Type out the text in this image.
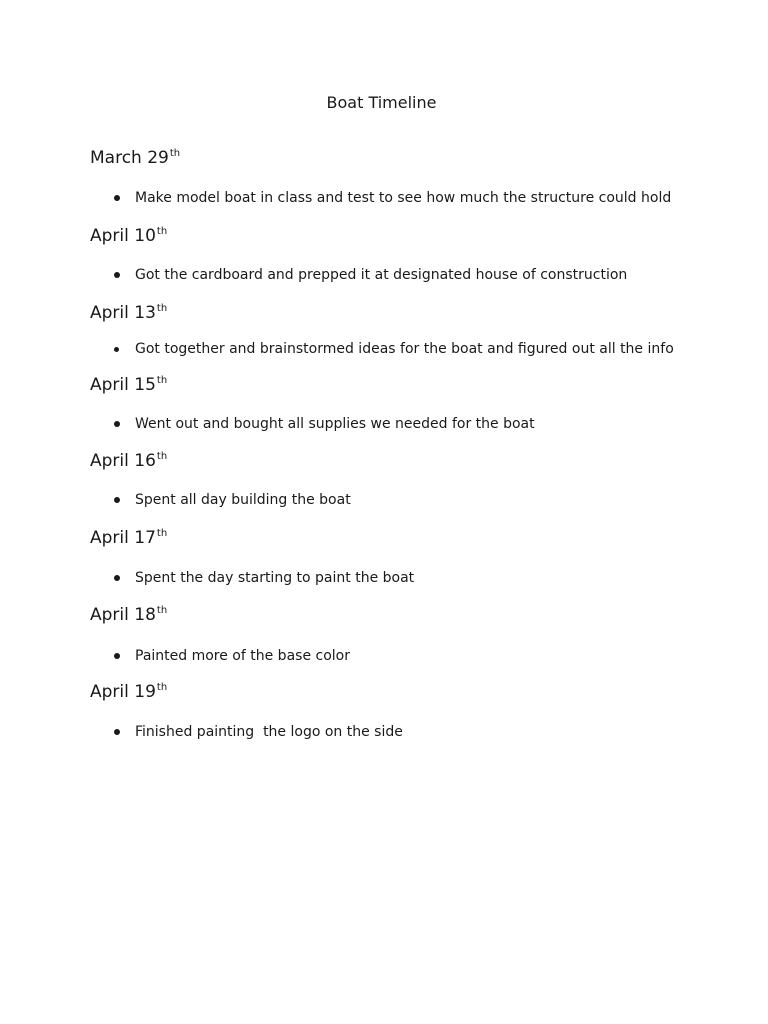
Boat Timeline
March 29th

Make model boat in class and test to see how much the structure could hold

April 10th

Got the cardboard and prepped it at designated house of construction

April 13th

Got together and brainstormed ideas for the boat and figured out all the info

April 15th

Went out and bought all supplies we needed for the boat

April 16th

Spent all day building the boat

April 17th

Spent the day starting to paint the boat

April 18th

Painted more of the base color

April 19th

Finished painting  the logo on the side
